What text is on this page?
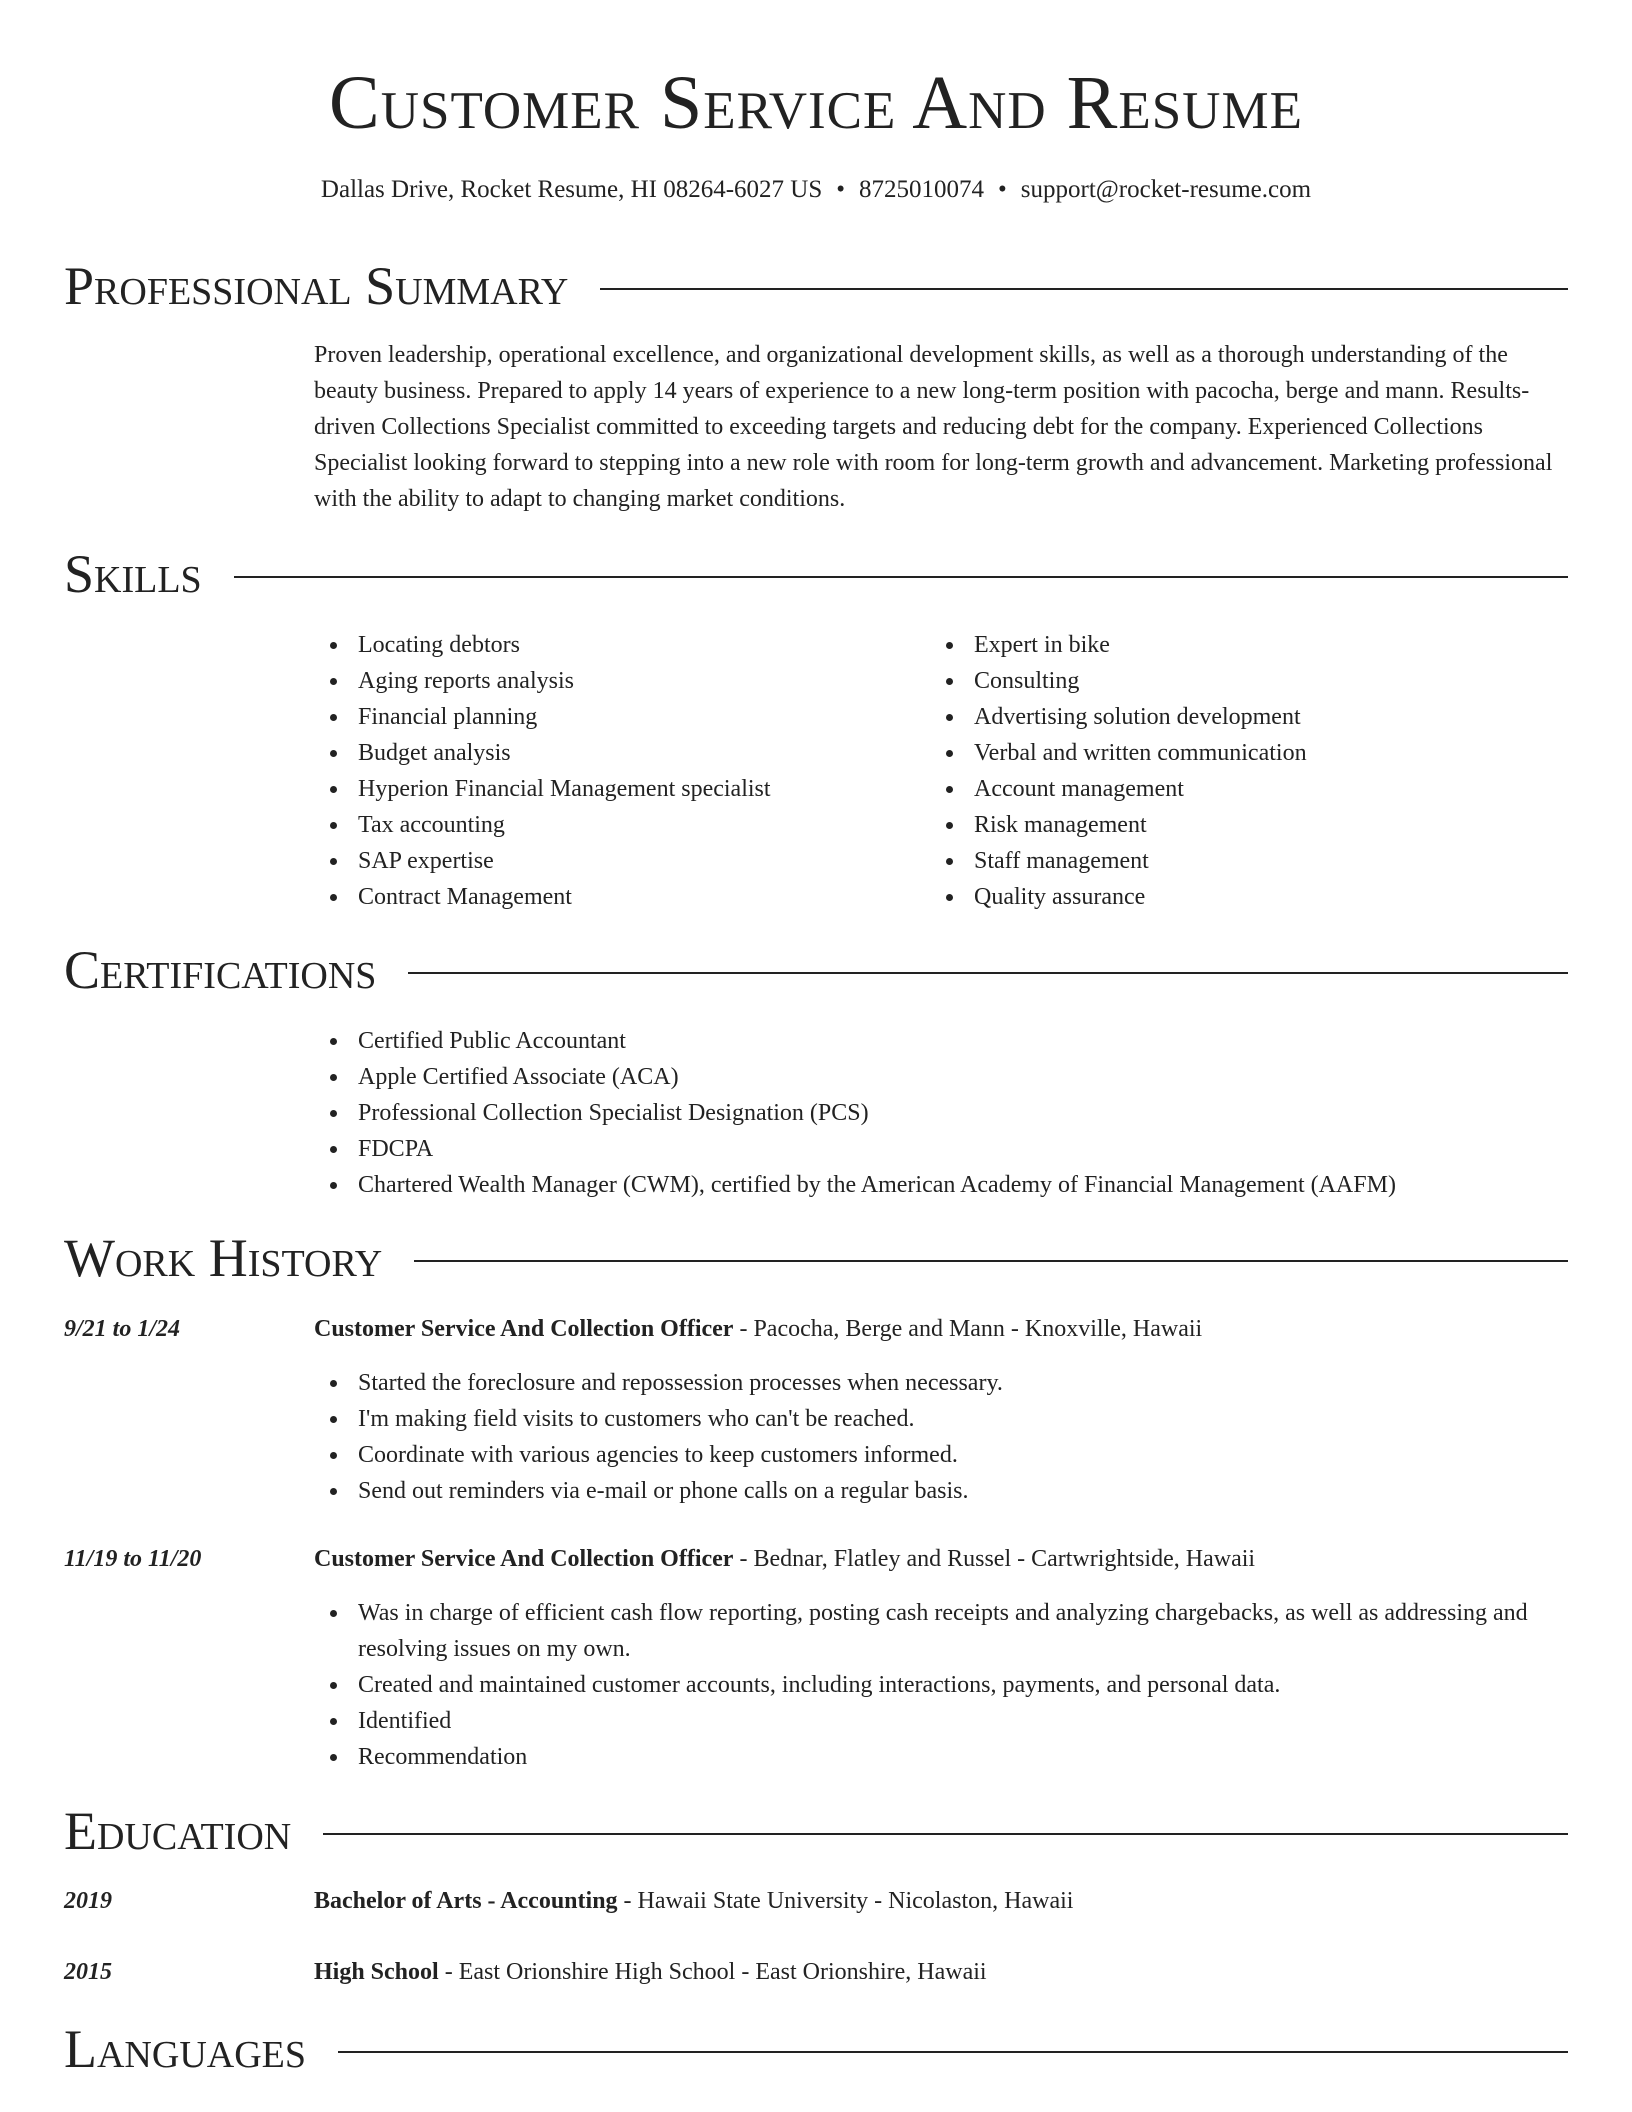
Customer Service And Resume
Dallas Drive, Rocket Resume, HI 08264-6027 US • 8725010074 • support@rocket-resume.com
Professional Summary
Proven leadership, operational excellence, and organizational development skills, as well as a thorough understanding of the beauty business. Prepared to apply 14 years of experience to a new long-term position with pacocha, berge and mann. Results-driven Collections Specialist committed to exceeding targets and reducing debt for the company. Experienced Collections Specialist looking forward to stepping into a new role with room for long-term growth and advancement. Marketing professional with the ability to adapt to changing market conditions.
Skills
Locating debtors
Aging reports analysis
Financial planning
Budget analysis
Hyperion Financial Management specialist
Tax accounting
SAP expertise
Contract Management
Expert in bike
Consulting
Advertising solution development
Verbal and written communication
Account management
Risk management
Staff management
Quality assurance
Certifications
Certified Public Accountant
Apple Certified Associate (ACA)
Professional Collection Specialist Designation (PCS)
FDCPA
Chartered Wealth Manager (CWM), certified by the American Academy of Financial Management (AAFM)
Work History
9/21 to 1/24	Customer Service And Collection Officer - Pacocha, Berge and Mann - Knoxville, Hawaii
Started the foreclosure and repossession processes when necessary.
I'm making field visits to customers who can't be reached.
Coordinate with various agencies to keep customers informed.
Send out reminders via e-mail or phone calls on a regular basis.
11/19 to 11/20	Customer Service And Collection Officer - Bednar, Flatley and Russel - Cartwrightside, Hawaii
Was in charge of efficient cash flow reporting, posting cash receipts and analyzing chargebacks, as well as addressing and resolving issues on my own.
Created and maintained customer accounts, including interactions, payments, and personal data.
Identified
Recommendation
Education
2019	Bachelor of Arts - Accounting - Hawaii State University - Nicolaston, Hawaii
2015	High School - East Orionshire High School - East Orionshire, Hawaii
Languages
